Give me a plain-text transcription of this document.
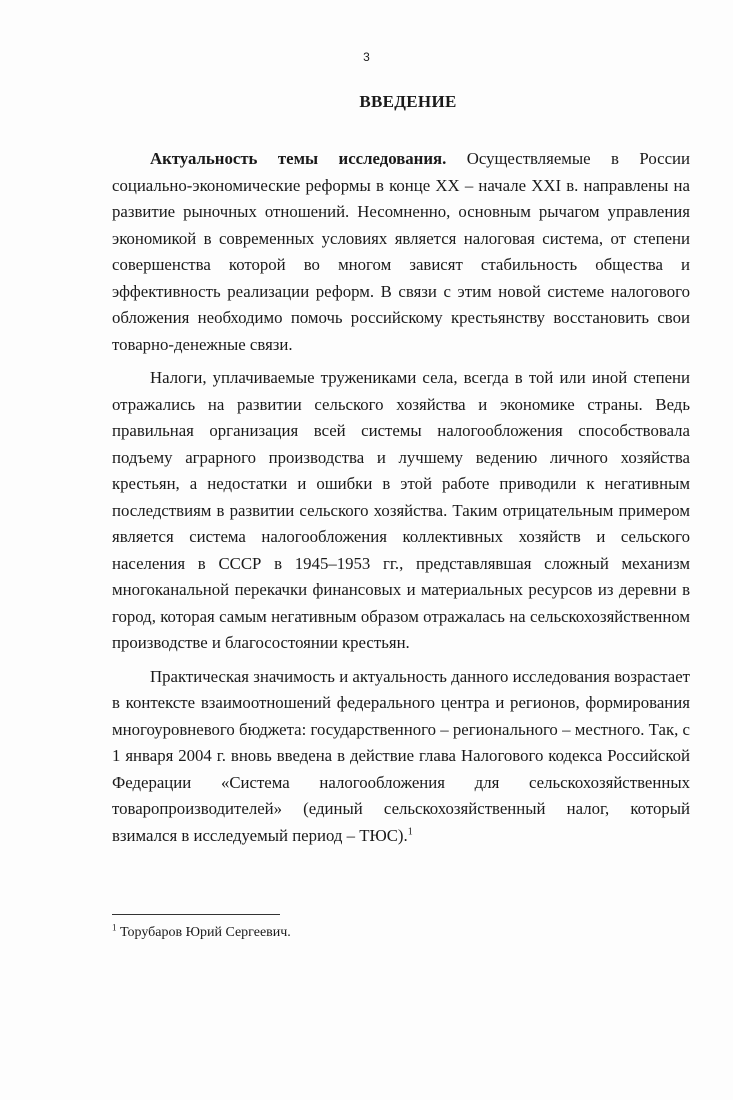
3
ВВЕДЕНИЕ

Актуальность темы исследования. Осуществляемые в России социально-экономические реформы в конце XX – начале XXI в. направлены на развитие рыночных отношений. Несомненно, основным рычагом управления экономикой в современных условиях является налоговая система, от степени совершенства которой во многом зависят стабильность общества и эффективность реализации реформ. В связи с этим новой системе налогового обложения необходимо помочь российскому крестьянству восстановить свои товарно-денежные связи.

Налоги, уплачиваемые тружениками села, всегда в той или иной степени отражались на развитии сельского хозяйства и экономике страны. Ведь правильная организация всей системы налогообложения способствовала подъему аграрного производства и лучшему ведению личного хозяйства крестьян, а недостатки и ошибки в этой работе приводили к негативным последствиям в развитии сельского хозяйства. Таким отрицательным примером является система налогообложения коллективных хозяйств и сельского населения в СССР в 1945–1953 гг., представлявшая сложный механизм многоканальной перекачки финансовых и материальных ресурсов из деревни в город, которая самым негативным образом отражалась на сельскохозяйственном производстве и благосостоянии крестьян.

Практическая значимость и актуальность данного исследования возрастает в контексте взаимоотношений федерального центра и регионов, формирования многоуровневого бюджета: государственного – регионального – местного. Так, с 1 января 2004 г. вновь введена в действие глава Налогового кодекса Российской Федерации «Система налогообложения для сельскохозяйственных товаропроизводителей» (единый сельскохозяйственный налог, который взимался в исследуемый период – ТЮС).$^1$

$^1$ Торубаров Юрий Сергеевич.
